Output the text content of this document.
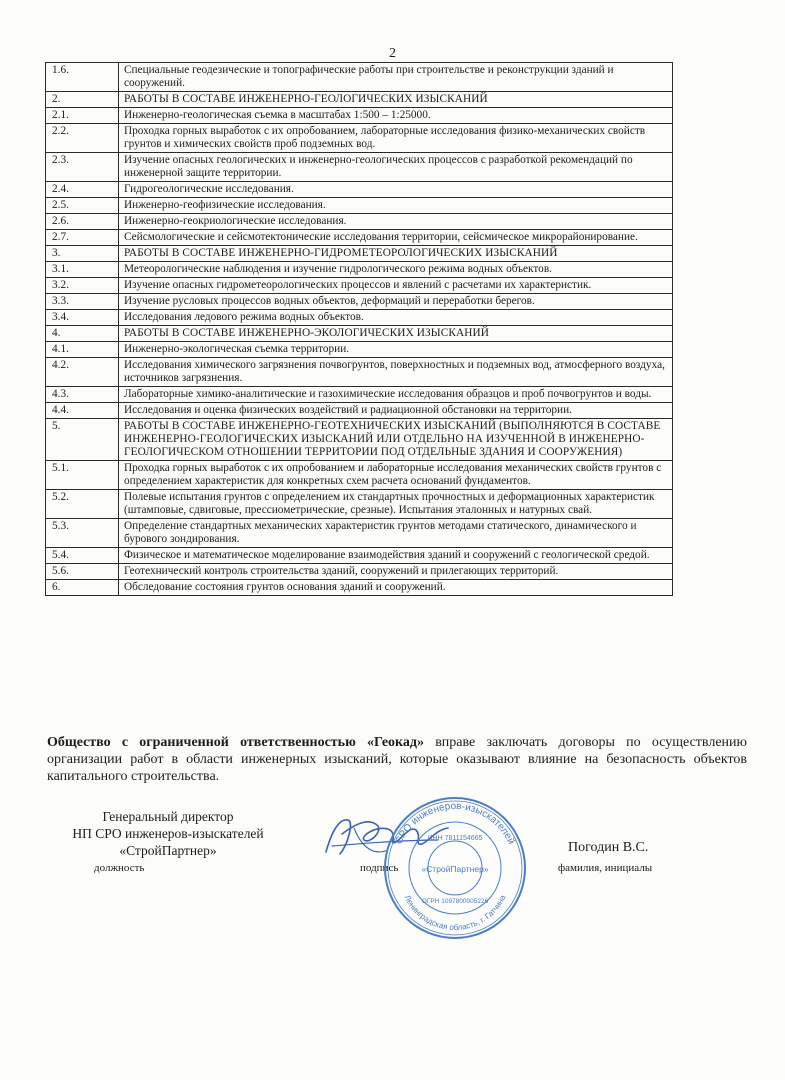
2
1.6.	Специальные геодезические и топографические работы при строительстве и реконструкции зданий и сооружений.
2.	РАБОТЫ В СОСТАВЕ ИНЖЕНЕРНО-ГЕОЛОГИЧЕСКИХ ИЗЫСКАНИЙ
2.1.	Инженерно-геологическая съемка в масштабах 1:500 – 1:25000.
2.2.	Проходка горных выработок с их опробованием, лабораторные исследования физико-механических свойств грунтов и химических свойств проб подземных вод.
2.3.	Изучение опасных геологических и инженерно-геологических процессов с разработкой рекомендаций по инженерной защите территории.
2.4.	Гидрогеологические исследования.
2.5.	Инженерно-геофизические исследования.
2.6.	Инженерно-геокриологические исследования.
2.7.	Сейсмологические и сейсмотектонические исследования территории, сейсмическое микрорайонирование.
3.	РАБОТЫ В СОСТАВЕ ИНЖЕНЕРНО-ГИДРОМЕТЕОРОЛОГИЧЕСКИХ ИЗЫСКАНИЙ
3.1.	Метеорологические наблюдения и изучение гидрологического режима водных объектов.
3.2.	Изучение опасных гидрометеорологических процессов и явлений с расчетами их характеристик.
3.3.	Изучение русловых процессов водных объектов, деформаций и переработки берегов.
3.4.	Исследования ледового режима водных объектов.
4.	РАБОТЫ В СОСТАВЕ ИНЖЕНЕРНО-ЭКОЛОГИЧЕСКИХ ИЗЫСКАНИЙ
4.1.	Инженерно-экологическая съемка территории.
4.2.	Исследования химического загрязнения почвогрунтов, поверхностных и подземных вод, атмосферного воздуха, источников загрязнения.
4.3.	Лабораторные химико-аналитические и газохимические исследования образцов и проб почвогрунтов и воды.
4.4.	Исследования и оценка физических воздействий и радиационной обстановки на территории.
5.	РАБОТЫ В СОСТАВЕ ИНЖЕНЕРНО-ГЕОТЕХНИЧЕСКИХ ИЗЫСКАНИЙ (ВЫПОЛНЯЮТСЯ В СОСТАВЕ ИНЖЕНЕРНО-ГЕОЛОГИЧЕСКИХ ИЗЫСКАНИЙ ИЛИ ОТДЕЛЬНО НА ИЗУЧЕННОЙ В ИНЖЕНЕРНО-ГЕОЛОГИЧЕСКОМ ОТНОШЕНИИ ТЕРРИТОРИИ ПОД ОТДЕЛЬНЫЕ ЗДАНИЯ И СООРУЖЕНИЯ)
5.1.	Проходка горных выработок с их опробованием и лабораторные исследования механических свойств грунтов с определением характеристик для конкретных схем расчета оснований фундаментов.
5.2.	Полевые испытания грунтов с определением их стандартных прочностных и деформационных характеристик (штамповые, сдвиговые, прессиометрические, срезные). Испытания эталонных и натурных свай.
5.3.	Определение стандартных механических характеристик грунтов методами статического, динамического и бурового зондирования.
5.4.	Физическое и математическое моделирование взаимодействия зданий и сооружений с геологической средой.
5.6.	Геотехнический контроль строительства зданий, сооружений и прилегающих территорий.
6.	Обследование состояния грунтов основания зданий и сооружений.
Общество с ограниченной ответственностью «Геокад» вправе заключать договоры по осуществлению организации работ в области инженерных изысканий, которые оказывают влияние на безопасность объектов капитального строительства.
Генеральный директор
НП СРО инженеров-изыскателей
«СтройПартнер»
должность	подпись
СРО инженеров-изыскателей
Ленинградская область, г. Гатчина
ИНН 7811154665
«СтройПартнер»
ОГРН 1097800005226
Погодин В.С.
фамилия, инициалы
